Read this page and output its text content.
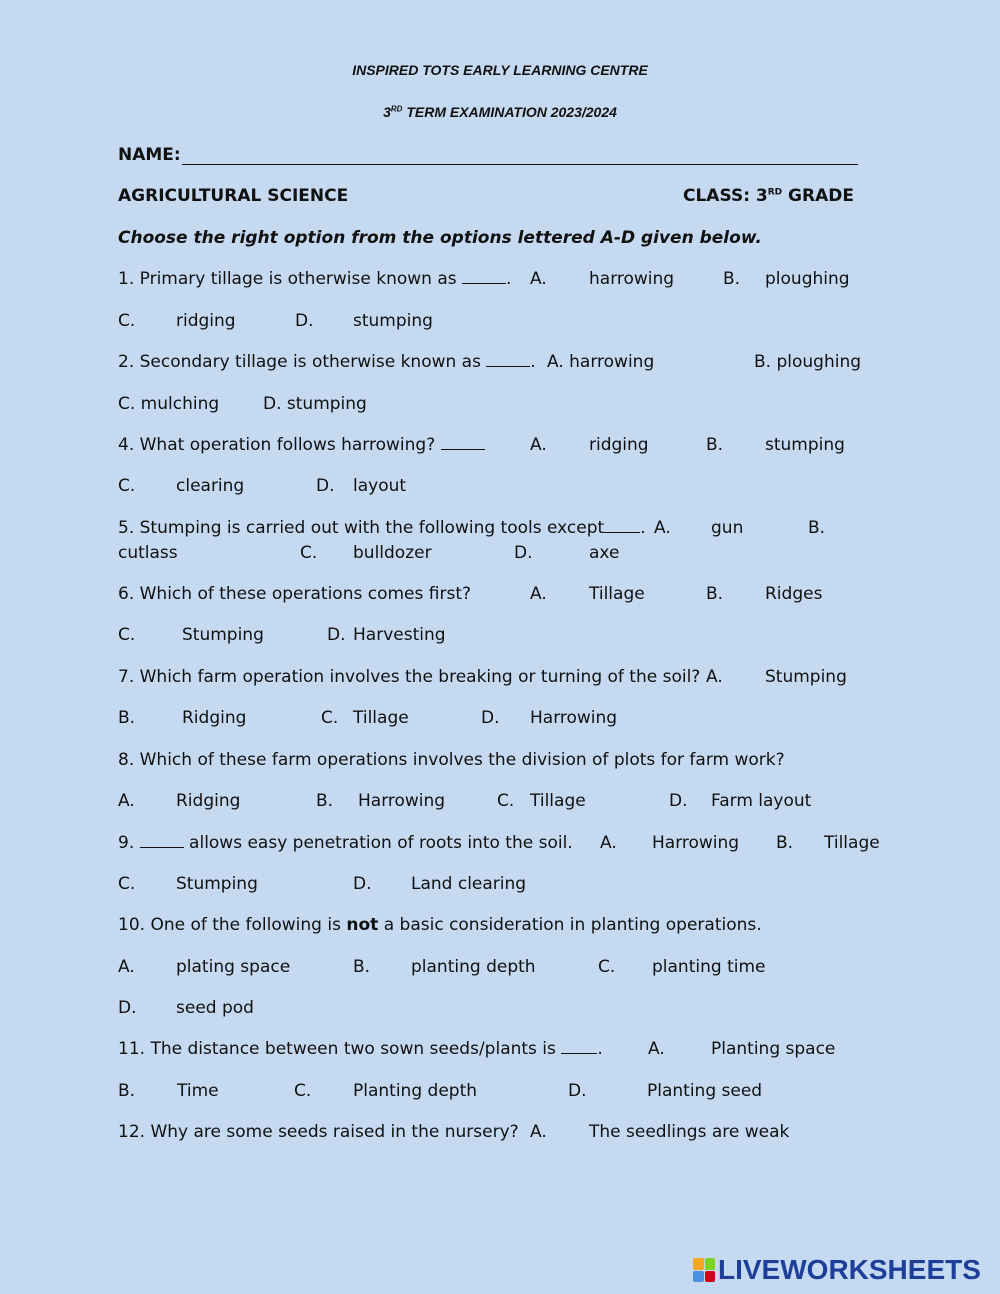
INSPIRED TOTS EARLY LEARNING CENTRE
3RD TERM EXAMINATION 2023/2024
NAME:
AGRICULTURAL SCIENCE	CLASS: 3RD GRADE
Choose the right option from the options lettered A-D given below.
1. Primary tillage is otherwise known as	. A. harrowing	B. ploughing
C. ridging	D. stumping
2. Secondary tillage is otherwise known as	. A. harrowing	B. ploughing
C. mulching	D. stumping
4. What operation follows harrowing?	A. ridging	B. stumping
C. clearing	D. layout
5. Stumping is carried out with the following tools except . A. gun	B.
cutlass	C. bulldozer	D.	axe
6. Which of these operations comes first?	A. Tillage	B. Ridges
C.	Stumping	D. Harvesting
7. Which farm operation involves the breaking or turning of the soil? A. Stumping
B.	Ridging	C. Tillage	D. Harrowing
8. Which of these farm operations involves the division of plots for farm work?
A. Ridging	B. Harrowing	C. Tillage	D. Farm layout
9.	allows easy penetration of roots into the soil. A. Harrowing B. Tillage
C. Stumping	D. Land clearing
10. One of the following is not a basic consideration in planting operations.
A. plating space	B. planting depth	C. planting time
D. seed pod
11. The distance between two sown seeds/plants is .	A.	Planting space
B. Time	C. Planting depth	D.	Planting seed
12. Why are some seeds raised in the nursery? A. The seedlings are weak
LIVEWORKSHEETS
